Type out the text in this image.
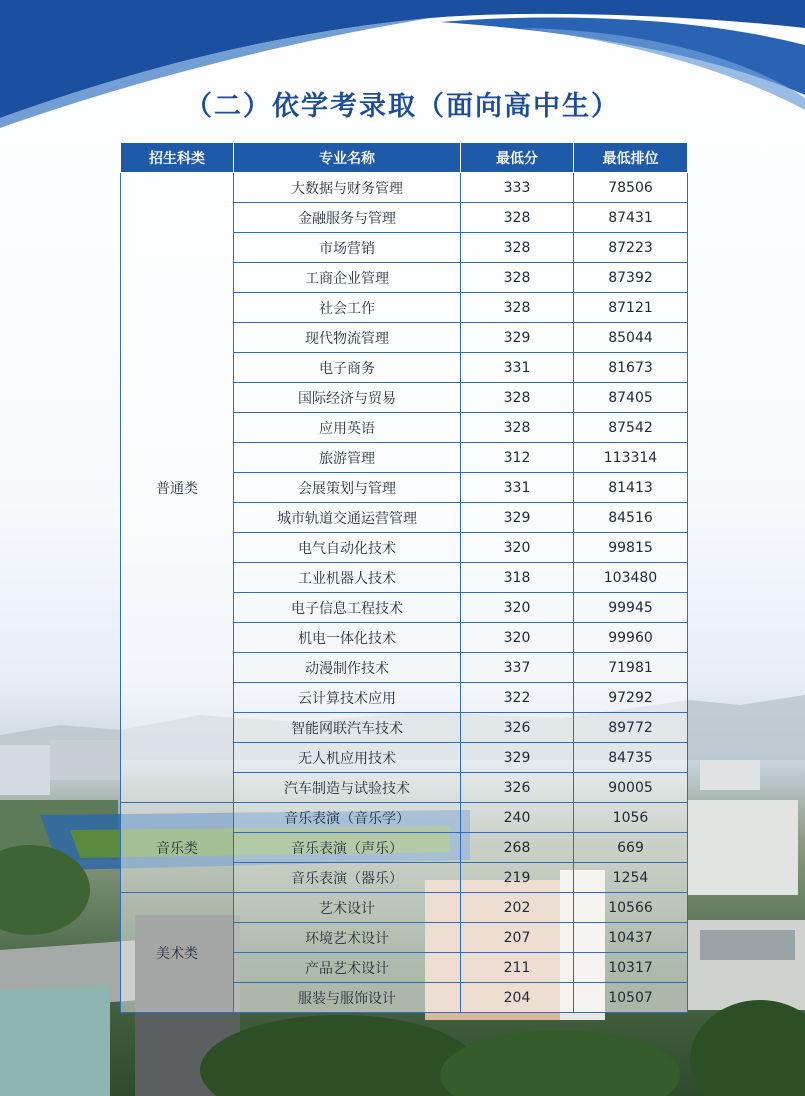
（二）依学考录取（面向高中生）
招生科类	专业名称	最低分	最低排位
普通类	大数据与财务管理	333	78506
	金融服务与管理	328	87431
	市场营销	328	87223
	工商企业管理	328	87392
	社会工作	328	87121
	现代物流管理	329	85044
	电子商务	331	81673
	国际经济与贸易	328	87405
	应用英语	328	87542
	旅游管理	312	113314
	会展策划与管理	331	81413
	城市轨道交通运营管理	329	84516
	电气自动化技术	320	99815
	工业机器人技术	318	103480
	电子信息工程技术	320	99945
	机电一体化技术	320	99960
	动漫制作技术	337	71981
	云计算技术应用	322	97292
	智能网联汽车技术	326	89772
	无人机应用技术	329	84735
	汽车制造与试验技术	326	90005
音乐类	音乐表演（音乐学）	240	1056
	音乐表演（声乐）	268	669
	音乐表演（器乐）	219	1254
美术类	艺术设计	202	10566
	环境艺术设计	207	10437
	产品艺术设计	211	10317
	服装与服饰设计	204	10507
